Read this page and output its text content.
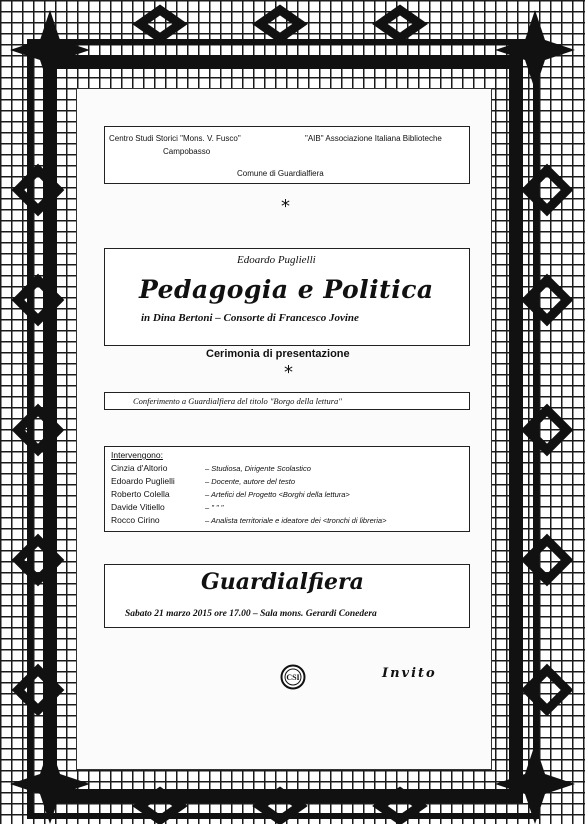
Centro Studi Storici "Mons. V. Fusco"
Campobasso
"AIB" Associazione Italiana Biblioteche
Comune di Guardialfiera
*
Edoardo Puglielli
Pedagogia e Politica
in Dina Bertoni – Consorte di Francesco Jovine
Cerimonia di presentazione
*
Conferimento a Guardialfiera del titolo "Borgo della lettura"
Intervengono:
Cinzia d'Altorio	– Studiosa, Dirigente Scolastico
Edoardo Puglielli	– Docente, autore del testo
Roberto Colella	– Artefici del Progetto <Borghi della lettura>
Davide Vitiello	– " " "
Rocco Cirino	– Analista territoriale e ideatore dei <tronchi di libreria>
Guardialfiera
Sabato 21 marzo 2015 ore 17.00 – Sala mons. Gerardi Conedera
CSI	Invito
